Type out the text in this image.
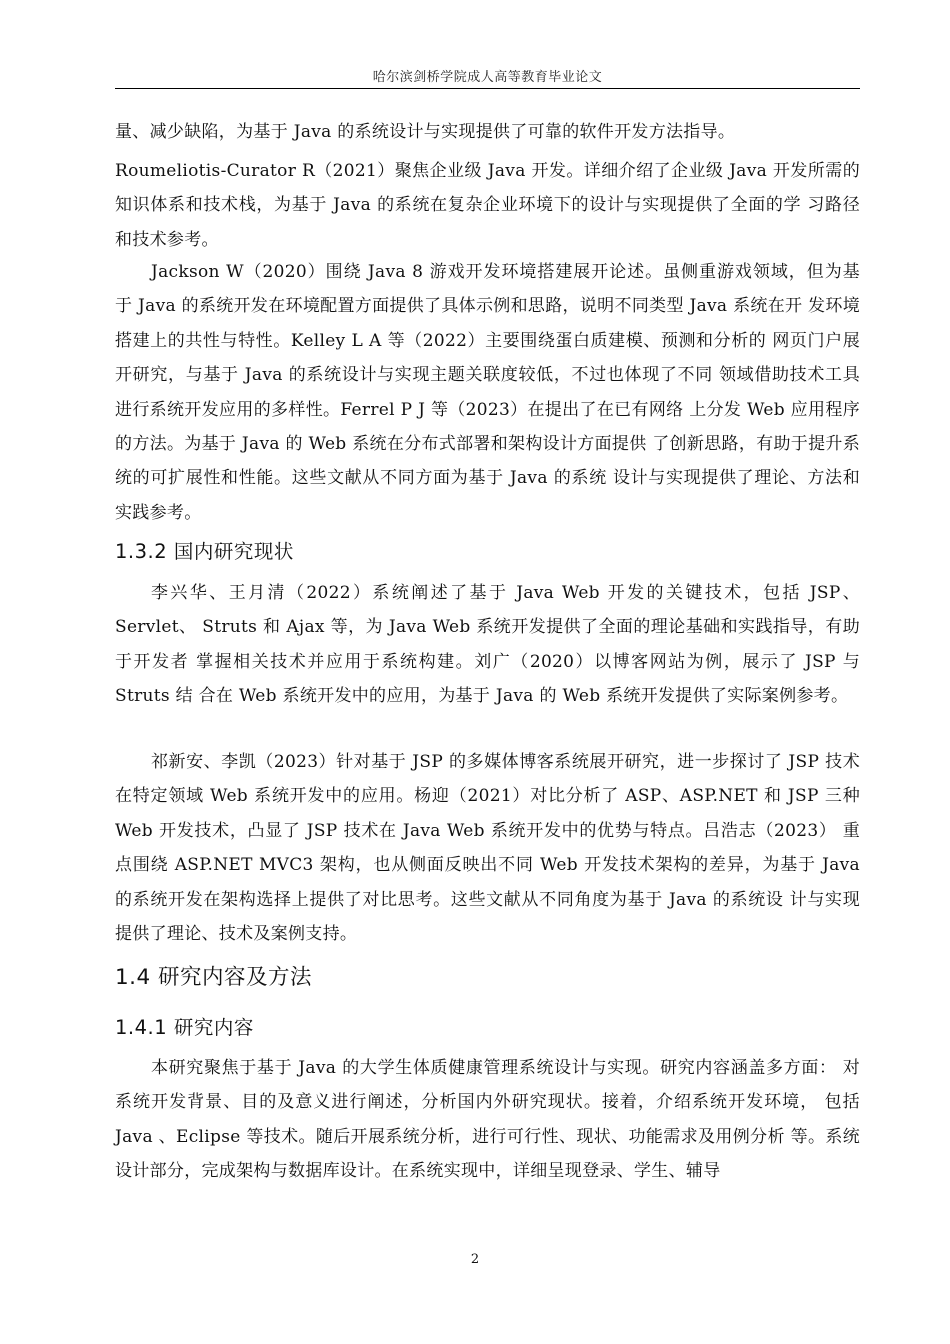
哈尔滨剑桥学院成人高等教育毕业论文

量、减少缺陷，为基于 Java 的系统设计与实现提供了可靠的软件开发方法指导。

Roumeliotis-Curator R（2021）聚焦企业级 Java 开发。详细介绍了企业级 Java 开发所需的 知识体系和技术栈，为基于 Java 的系统在复杂企业环境下的设计与实现提供了全面的学 习路径和技术参考。

Jackson W（2020）围绕 Java 8 游戏开发环境搭建展开论述。虽侧重游戏领域，但为基 于 Java 的系统开发在环境配置方面提供了具体示例和思路，说明不同类型 Java 系统在开 发环境搭建上的共性与特性。Kelley L A 等（2022）主要围绕蛋白质建模、预测和分析的 网页门户展开研究，与基于 Java 的系统设计与实现主题关联度较低，不过也体现了不同 领域借助技术工具进行系统开发应用的多样性。Ferrel P J 等（2023）在提出了在已有网络 上分发 Web 应用程序的方法。为基于 Java 的 Web 系统在分布式部署和架构设计方面提供 了创新思路，有助于提升系统的可扩展性和性能。这些文献从不同方面为基于 Java 的系统 设计与实现提供了理论、方法和实践参考。

1.3.2 国内研究现状

李兴华、王月清（2022）系统阐述了基于 Java Web 开发的关键技术，包括 JSP、Servlet、 Struts 和 Ajax 等，为 Java Web 系统开发提供了全面的理论基础和实践指导，有助于开发者 掌握相关技术并应用于系统构建。刘广（2020）以博客网站为例，展示了 JSP 与 Struts 结 合在 Web 系统开发中的应用，为基于 Java 的 Web 系统开发提供了实际案例参考。

祁新安、李凯（2023）针对基于 JSP 的多媒体博客系统展开研究，进一步探讨了 JSP 技术在特定领域 Web 系统开发中的应用。杨迎（2021）对比分析了 ASP、ASP.NET 和 JSP 三种 Web 开发技术，凸显了 JSP 技术在 Java Web 系统开发中的优势与特点。吕浩志（2023） 重点围绕 ASP.NET MVC3 架构，也从侧面反映出不同 Web 开发技术架构的差异，为基于 Java 的系统开发在架构选择上提供了对比思考。这些文献从不同角度为基于 Java 的系统设 计与实现提供了理论、技术及案例支持。

1.4 研究内容及方法
1.4.1 研究内容

本研究聚焦于基于 Java 的大学生体质健康管理系统设计与实现。研究内容涵盖多方面： 对系统开发背景、目的及意义进行阐述，分析国内外研究现状。接着，介绍系统开发环境， 包括 Java 、Eclipse 等技术。随后开展系统分析，进行可行性、现状、功能需求及用例分析 等。系统设计部分，完成架构与数据库设计。在系统实现中，详细呈现登录、学生、辅导

2
